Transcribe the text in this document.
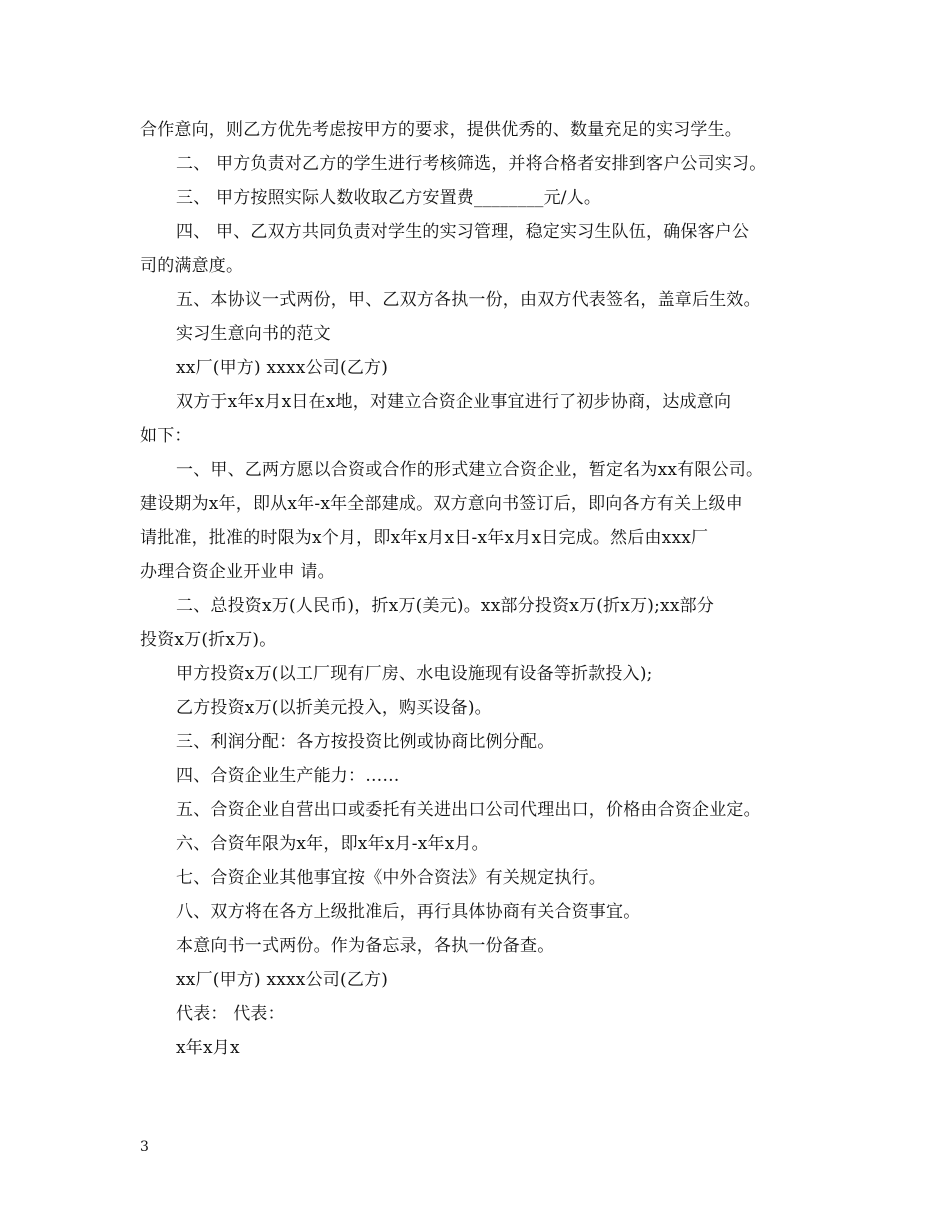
合作意向，则乙方优先考虑按甲方的要求，提供优秀的、数量充足的实习学生。
二、 甲方负责对乙方的学生进行考核筛选，并将合格者安排到客户公司实习。
三、 甲方按照实际人数收取乙方安置费________元/人。
四、 甲、乙双方共同负责对学生的实习管理，稳定实习生队伍，确保客户公
司的满意度。
五、本协议一式两份，甲、乙双方各执一份，由双方代表签名，盖章后生效。
实习生意向书的范文
xx厂(甲方) xxxx公司(乙方)
双方于x年x月x日在x地，对建立合资企业事宜进行了初步协商，达成意向
如下：
一、甲、乙两方愿以合资或合作的形式建立合资企业，暂定名为xx有限公司。
建设期为x年，即从x年-x年全部建成。双方意向书签订后，即向各方有关上级申
请批准，批准的时限为x个月，即x年x月x日-x年x月x日完成。然后由xxx厂
办理合资企业开业申 请。
二、总投资x万(人民币)，折x万(美元)。xx部分投资x万(折x万);xx部分
投资x万(折x万)。
甲方投资x万(以工厂现有厂房、水电设施现有设备等折款投入);
乙方投资x万(以折美元投入，购买设备)。
三、利润分配：各方按投资比例或协商比例分配。
四、合资企业生产能力：……
五、合资企业自营出口或委托有关进出口公司代理出口，价格由合资企业定。
六、合资年限为x年，即x年x月-x年x月。
七、合资企业其他事宜按《中外合资法》有关规定执行。
八、双方将在各方上级批准后，再行具体协商有关合资事宜。
本意向书一式两份。作为备忘录，各执一份备查。
xx厂(甲方) xxxx公司(乙方)
代表： 代表：
x年x月x
3
